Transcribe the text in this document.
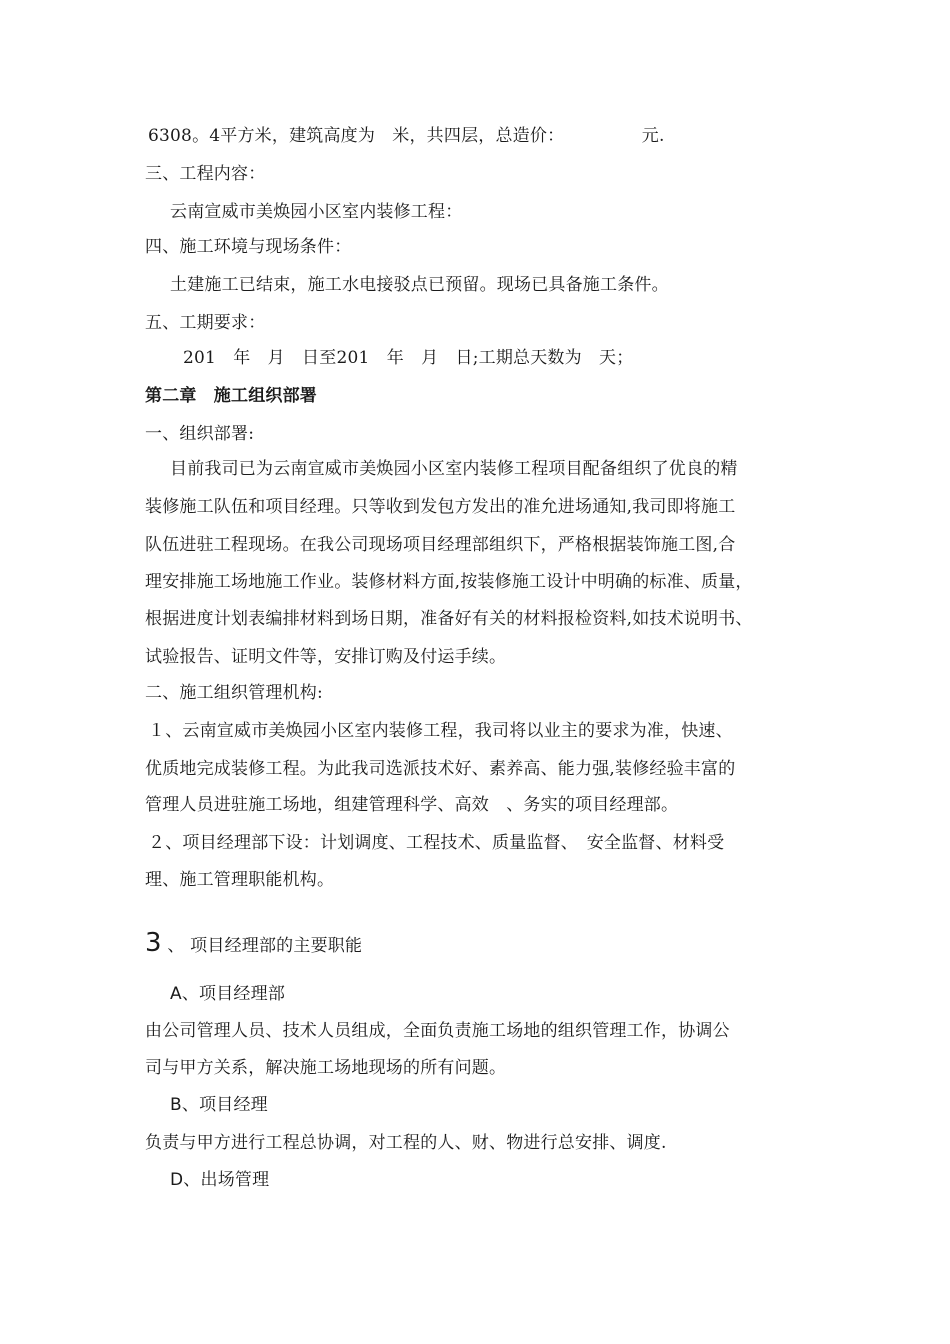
6308。4平方米，建筑高度为　米，共四层，总造价：　　　　　元.
三、工程内容：
云南宣威市美焕园小区室内装修工程：
四、施工环境与现场条件：
土建施工已结束，施工水电接驳点已预留。现场已具备施工条件。
五、工期要求：
201　年　月　日至201　年　月　日;工期总天数为　天；
第二章　施工组织部署
一、组织部署:
目前我司已为云南宣威市美焕园小区室内装修工程项目配备组织了优良的精
装修施工队伍和项目经理。只等收到发包方发出的准允进场通知,我司即将施工
队伍进驻工程现场。在我公司现场项目经理部组织下，严格根据装饰施工图,合
理安排施工场地施工作业。装修材料方面,按装修施工设计中明确的标准、质量，
根据进度计划表编排材料到场日期，准备好有关的材料报检资料,如技术说明书、
试验报告、证明文件等，安排订购及付运手续。
二、施工组织管理机构:
１、云南宣威市美焕园小区室内装修工程，我司将以业主的要求为准，快速、
优质地完成装修工程。为此我司选派技术好、素养高、能力强,装修经验丰富的
管理人员进驻施工场地，组建管理科学、高效　、务实的项目经理部。
２、项目经理部下设：计划调度、工程技术、质量监督、　安全监督、材料受
理、施工管理职能机构。
3 、 项目经理部的主要职能
A、项目经理部
由公司管理人员、技术人员组成，全面负责施工场地的组织管理工作，协调公
司与甲方关系，解决施工场地现场的所有问题。
B、项目经理
负责与甲方进行工程总协调，对工程的人、财、物进行总安排、调度.
D、出场管理
